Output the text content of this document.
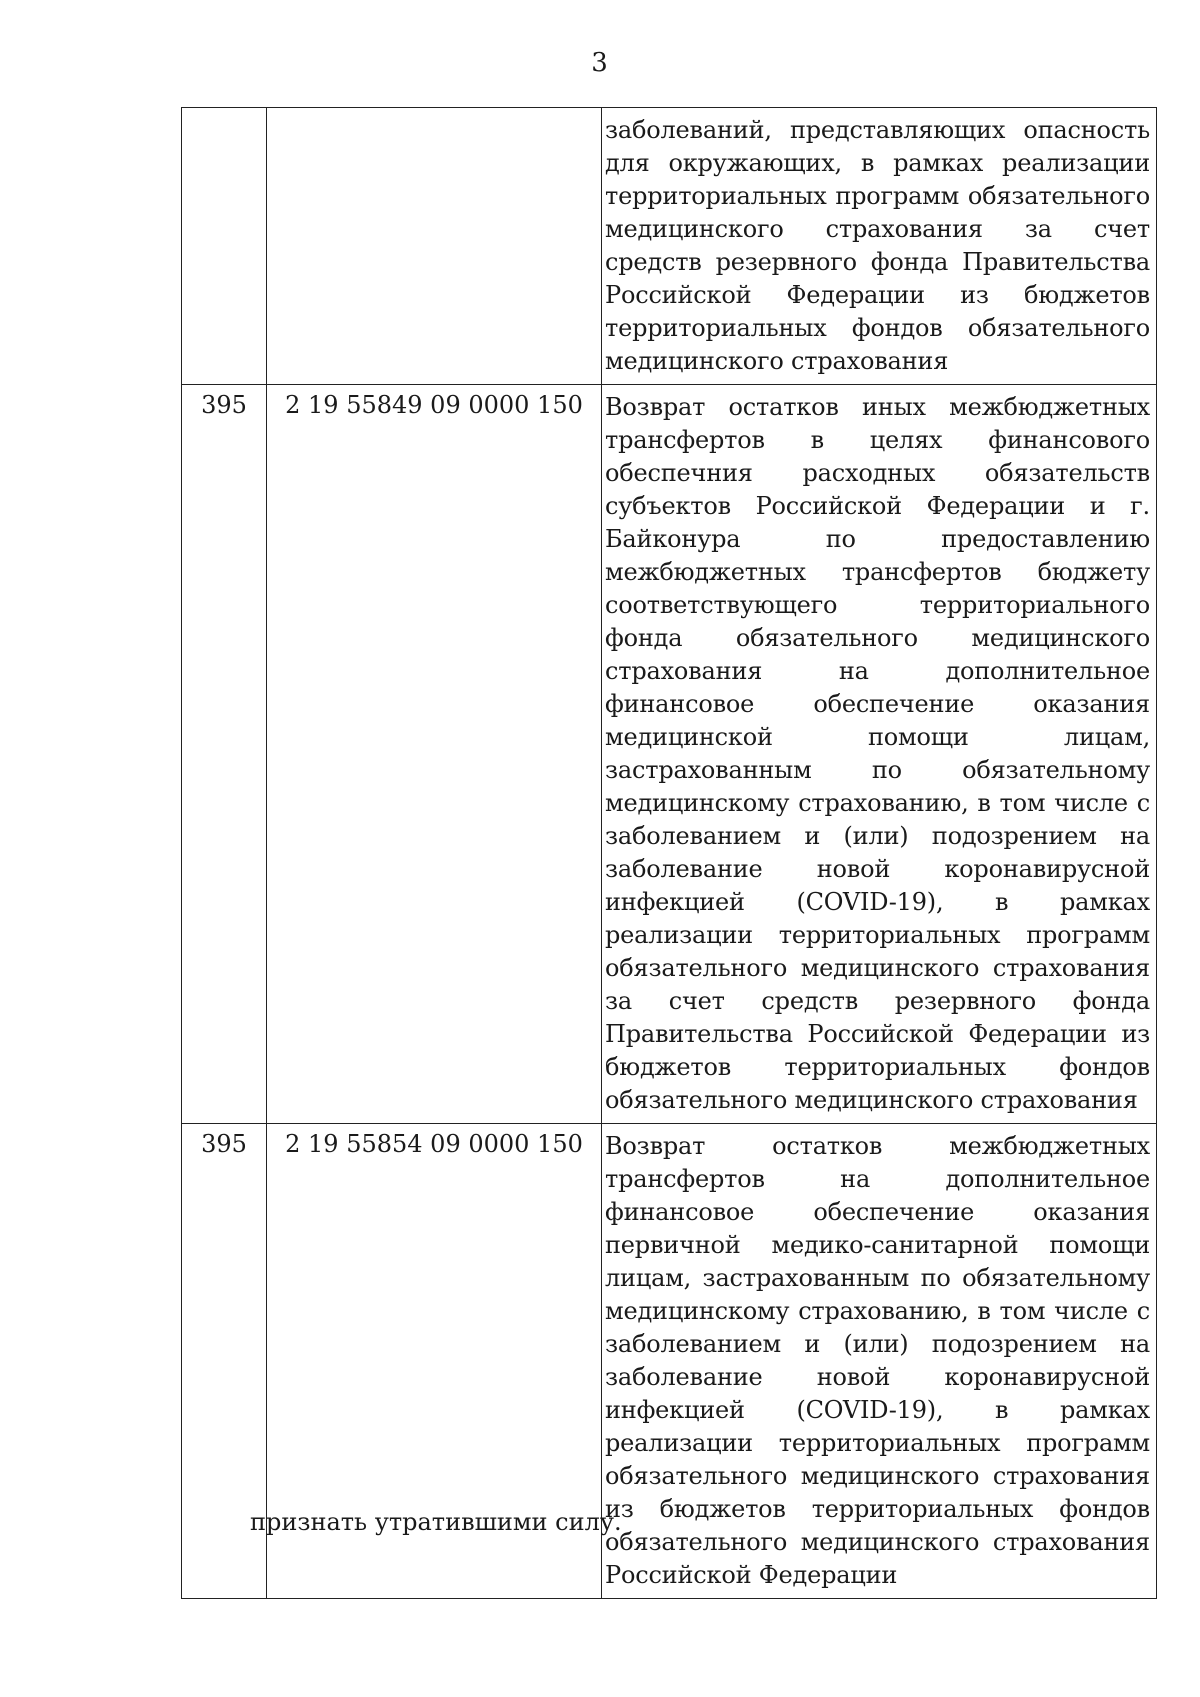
3
		заболеваний, представляющих опасность для окружающих, в рамках реализации территориальных программ обязательного медицинского страхования за счет средств резервного фонда Правительства Российской Федерации из бюджетов территориальных фондов обязательного медицинского страхования
395	2 19 55849 09 0000 150	Возврат остатков иных межбюджетных трансфертов в целях финансового обеспечния расходных обязательств субъектов Российской Федерации и г. Байконура по предоставлению межбюджетных трансфертов бюджету соответствующего территориального фонда обязательного медицинского страхования на дополнительное финансовое обеспечение оказания медицинской помощи лицам, застрахованным по обязательному медицинскому страхованию, в том числе с заболеванием и (или) подозрением на заболевание новой коронавирусной инфекцией (COVID-19), в рамках реализации территориальных программ обязательного медицинского страхования за счет средств резервного фонда Правительства Российской Федерации из бюджетов территориальных фондов обязательного медицинского страхования
395	2 19 55854 09 0000 150	Возврат остатков межбюджетных трансфертов на дополнительное финансовое обеспечение оказания первичной медико-санитарной помощи лицам, застрахованным по обязательному медицинскому страхованию, в том числе с заболеванием и (или) подозрением на заболевание новой коронавирусной инфекцией (COVID-19), в рамках реализации территориальных программ обязательного медицинского страхования из бюджетов территориальных фондов обязательного медицинского страхования Российской Федерации
признать утратившими силу.
